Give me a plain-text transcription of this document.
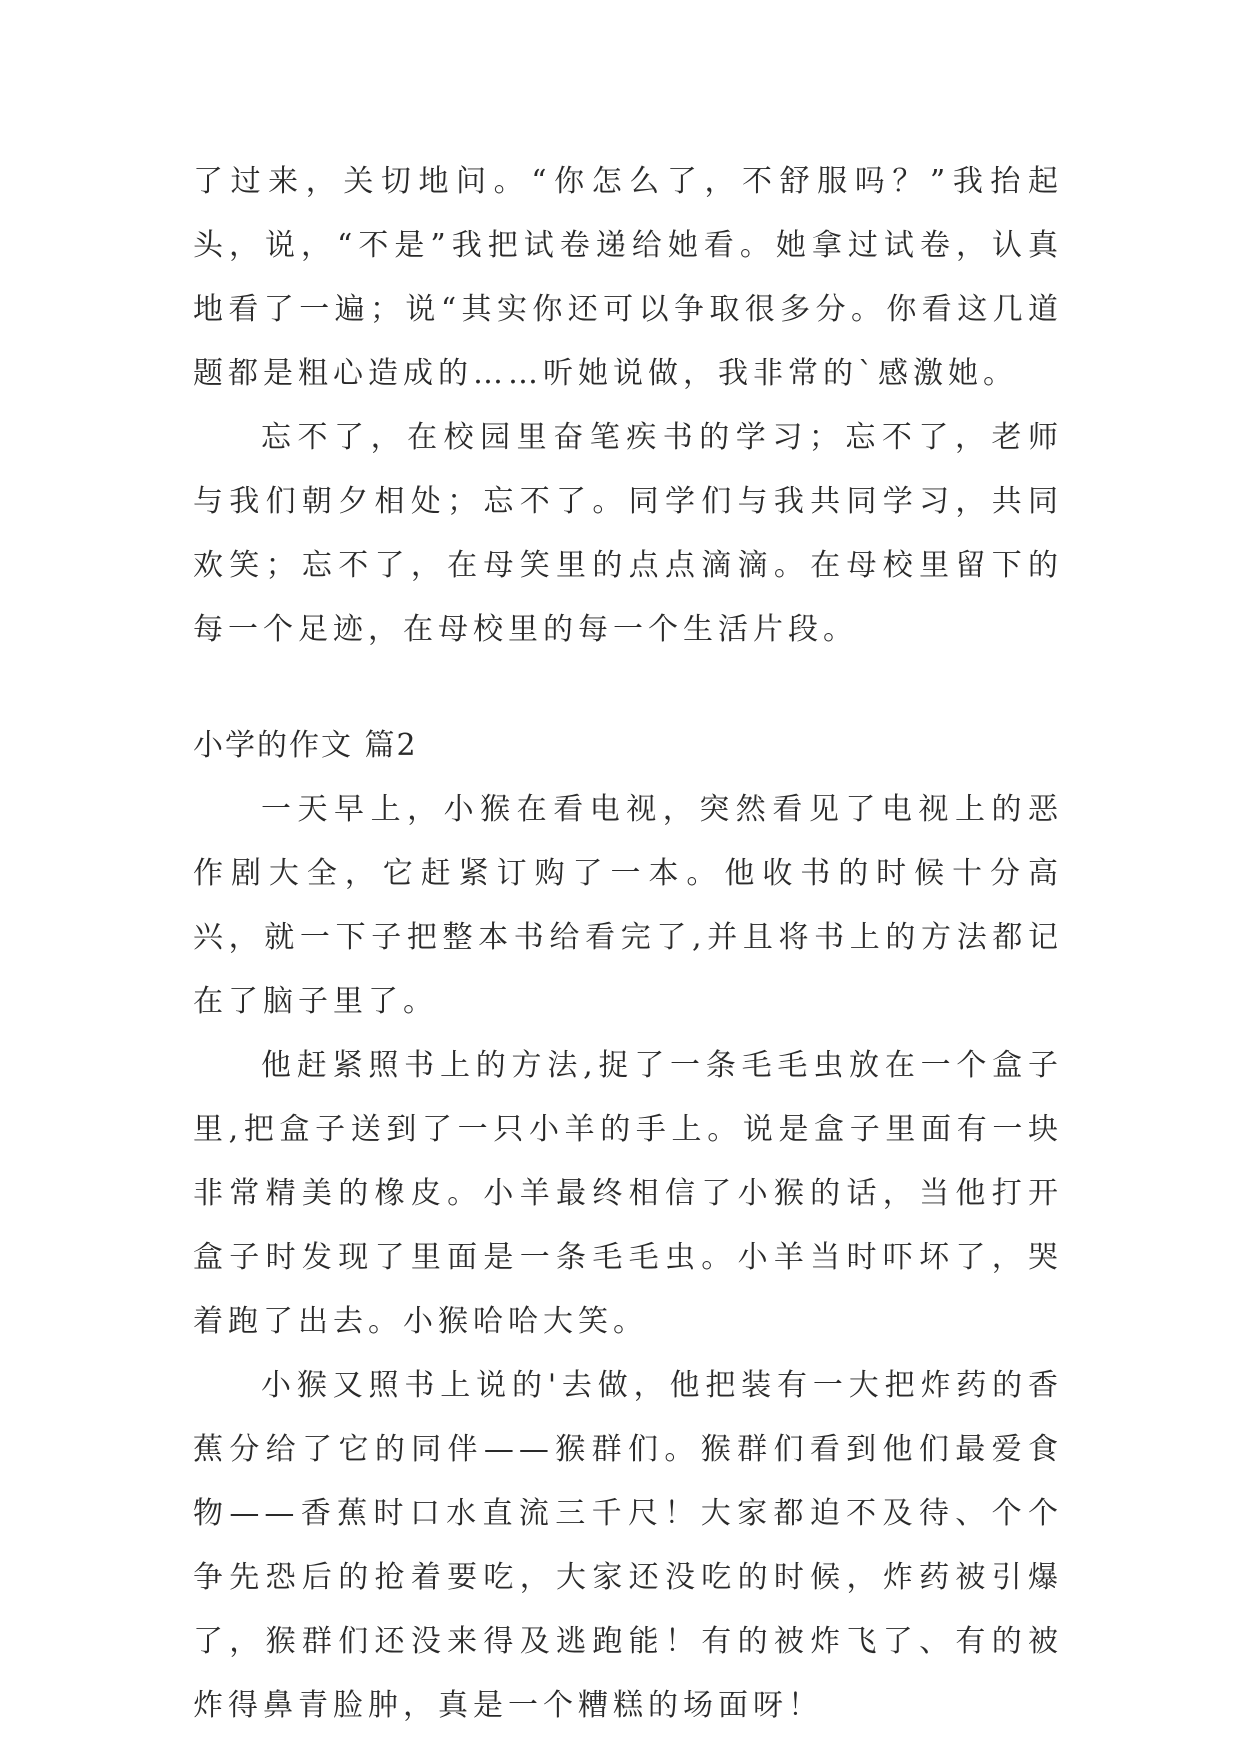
了过来，关切地问。“你怎么了，不舒服吗？”我抬起头，说，“不是”我把试卷递给她看。她拿过试卷，认真地看了一遍；说“其实你还可以争取很多分。你看这几道题都是粗心造成的……听她说做，我非常的`感激她。

忘不了，在校园里奋笔疾书的学习；忘不了，老师与我们朝夕相处；忘不了。同学们与我共同学习，共同欢笑；忘不了，在母笑里的点点滴滴。在母校里留下的每一个足迹，在母校里的每一个生活片段。

小学的作文 篇2

一天早上，小猴在看电视，突然看见了电视上的恶作剧大全，它赶紧订购了一本。他收书的时候十分高兴，就一下子把整本书给看完了,并且将书上的方法都记在了脑子里了。

他赶紧照书上的方法,捉了一条毛毛虫放在一个盒子里,把盒子送到了一只小羊的手上。说是盒子里面有一块非常精美的橡皮。小羊最终相信了小猴的话，当他打开盒子时发现了里面是一条毛毛虫。小羊当时吓坏了，哭着跑了出去。小猴哈哈大笑。

小猴又照书上说的'去做，他把装有一大把炸药的香蕉分给了它的同伴——猴群们。猴群们看到他们最爱食物——香蕉时口水直流三千尺！大家都迫不及待、个个争先恐后的抢着要吃，大家还没吃的时候，炸药被引爆了，猴群们还没来得及逃跑能！有的被炸飞了、有的被炸得鼻青脸肿，真是一个糟糕的场面呀！
